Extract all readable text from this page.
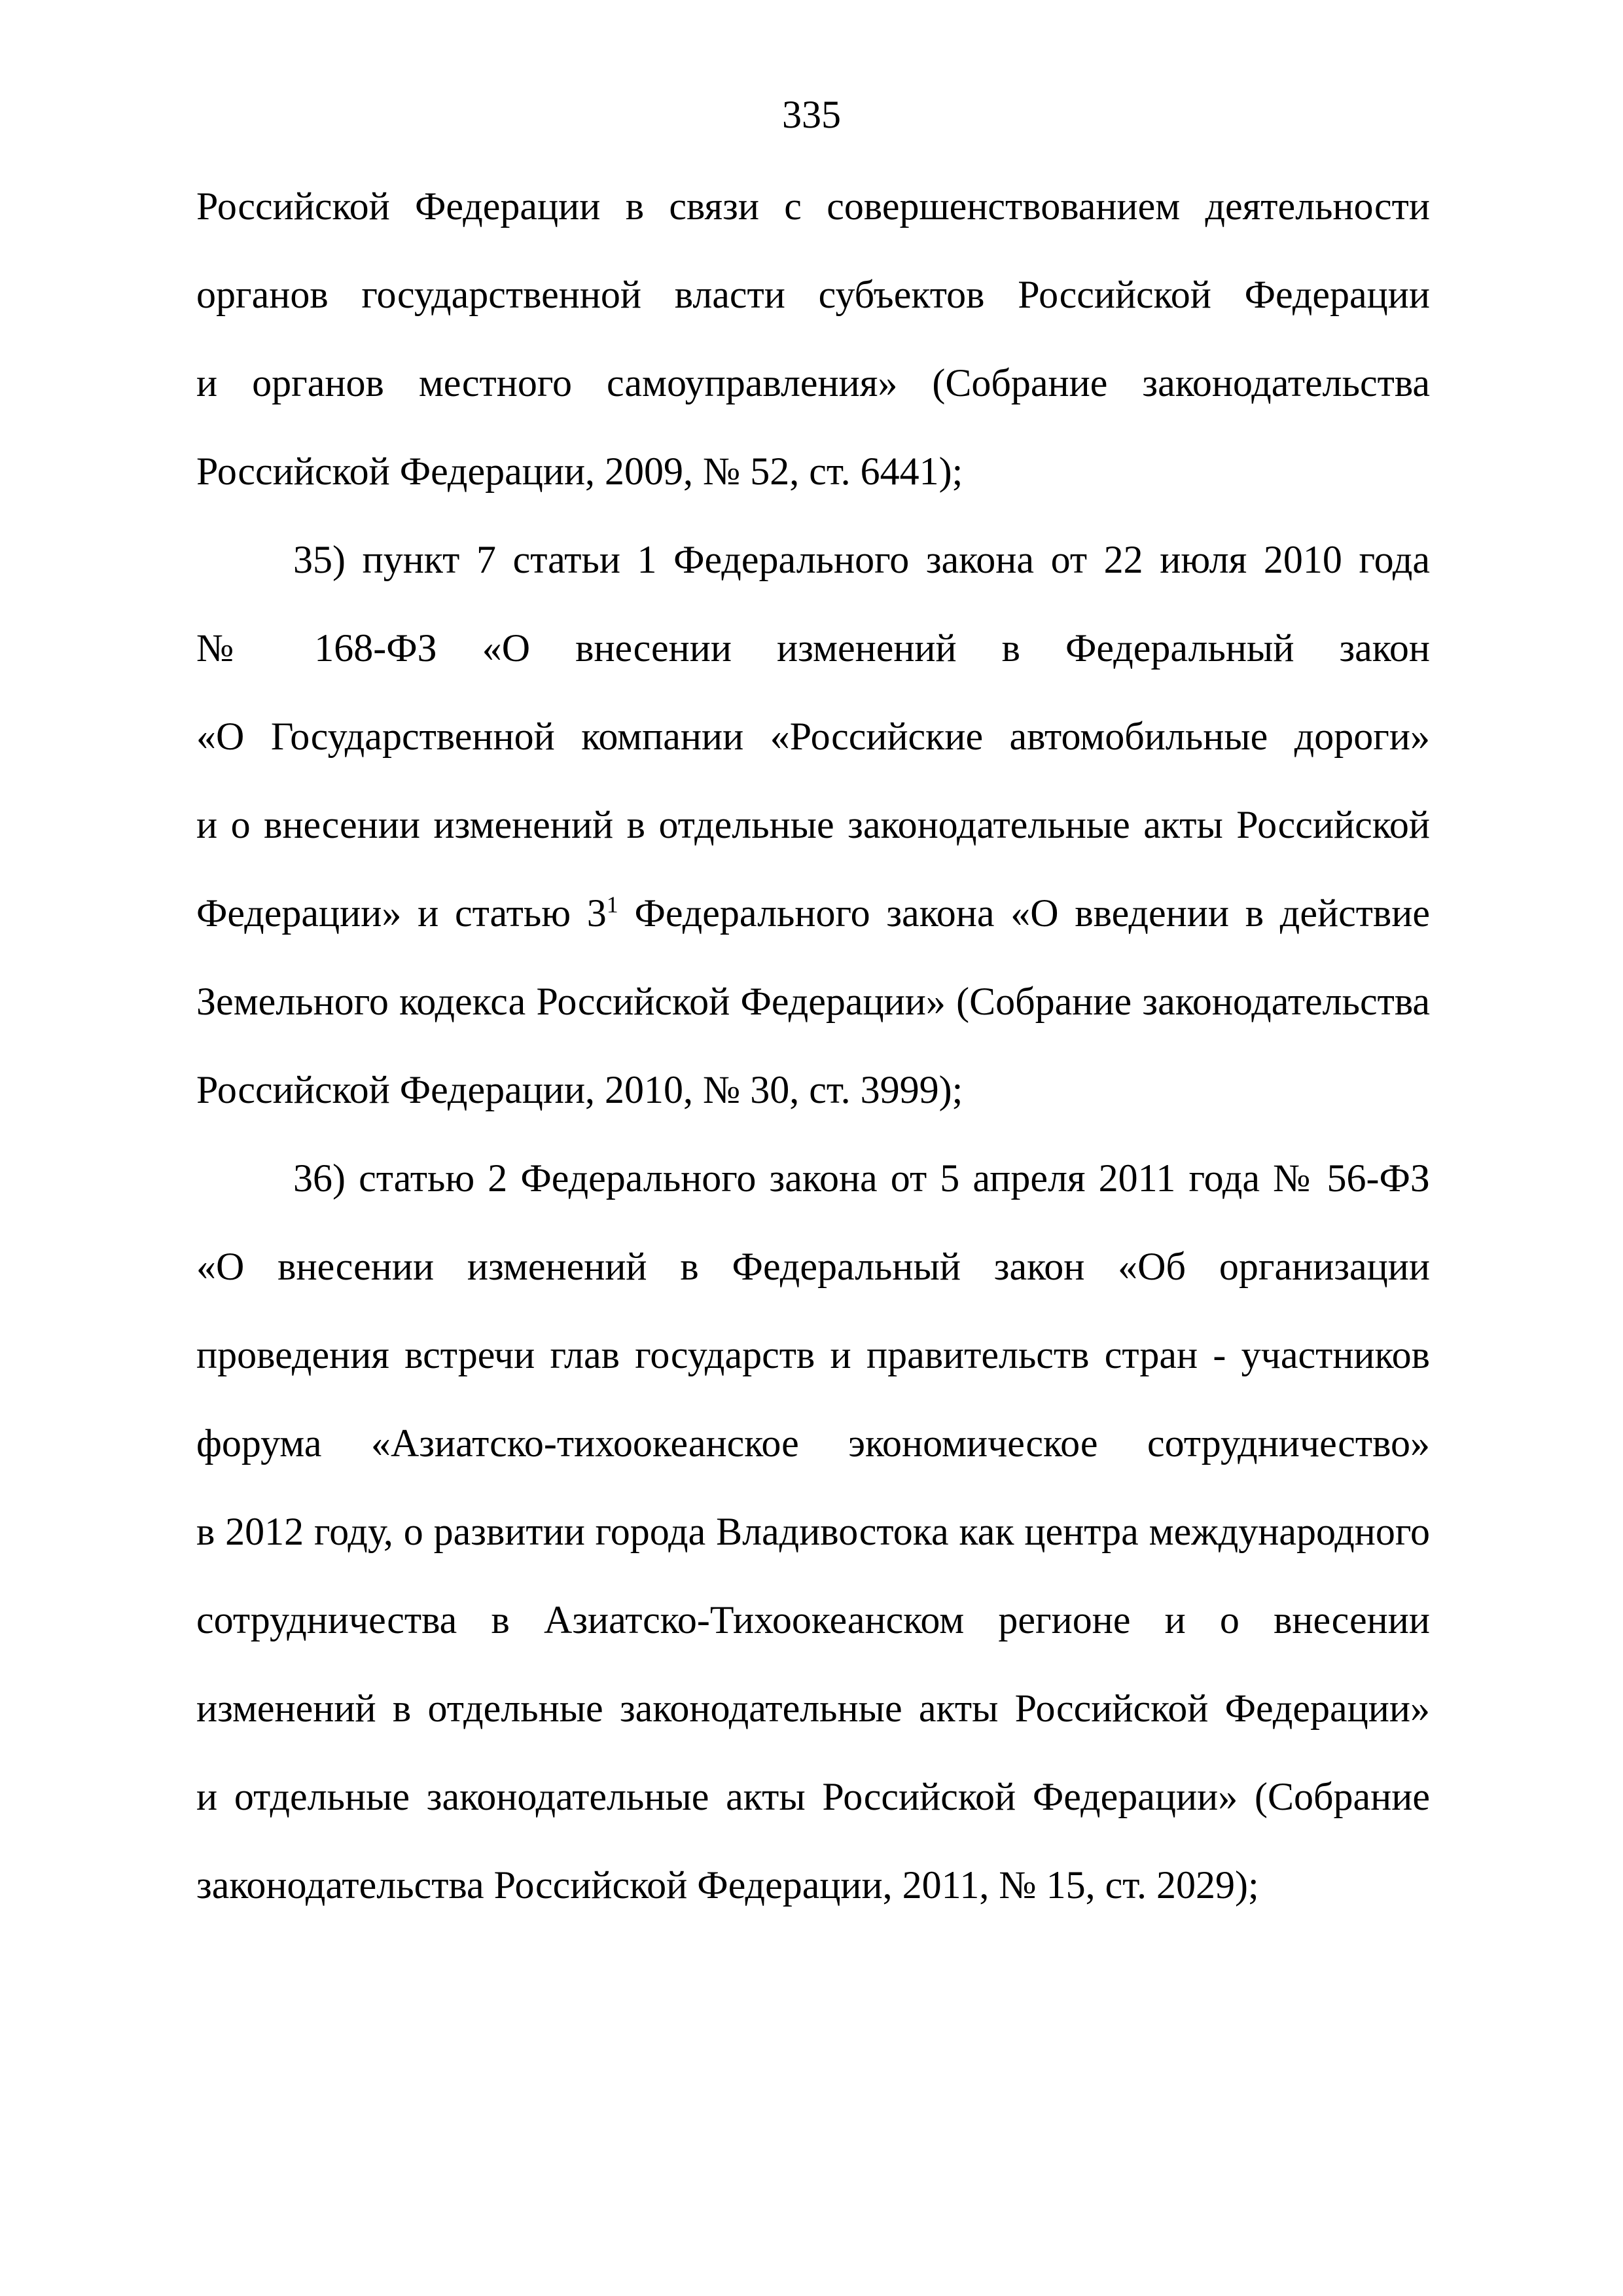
335
Российской Федерации в связи с совершенствованием деятельности
органов государственной власти субъектов Российской Федерации
и органов местного самоуправления» (Собрание законодательства
Российской Федерации, 2009, № 52, ст. 6441);
35) пункт 7 статьи 1 Федерального закона от 22 июля 2010 года
№ 168-ФЗ «О внесении изменений в Федеральный закон
«О Государственной компании «Российские автомобильные дороги»
и о внесении изменений в отдельные законодательные акты Российской
Федерации» и статью $3^1$ Федерального закона «О введении в действие
Земельного кодекса Российской Федерации» (Собрание законодательства
Российской Федерации, 2010, № 30, ст. 3999);
36) статью 2 Федерального закона от 5 апреля 2011 года № 56-ФЗ
«О внесении изменений в Федеральный закон «Об организации
проведения встречи глав государств и правительств стран - участников
форума «Азиатско-тихоокеанское экономическое сотрудничество»
в 2012 году, о развитии города Владивостока как центра международного
сотрудничества в Азиатско-Тихоокеанском регионе и о внесении
изменений в отдельные законодательные акты Российской Федерации»
и отдельные законодательные акты Российской Федерации» (Собрание
законодательства Российской Федерации, 2011, № 15, ст. 2029);
